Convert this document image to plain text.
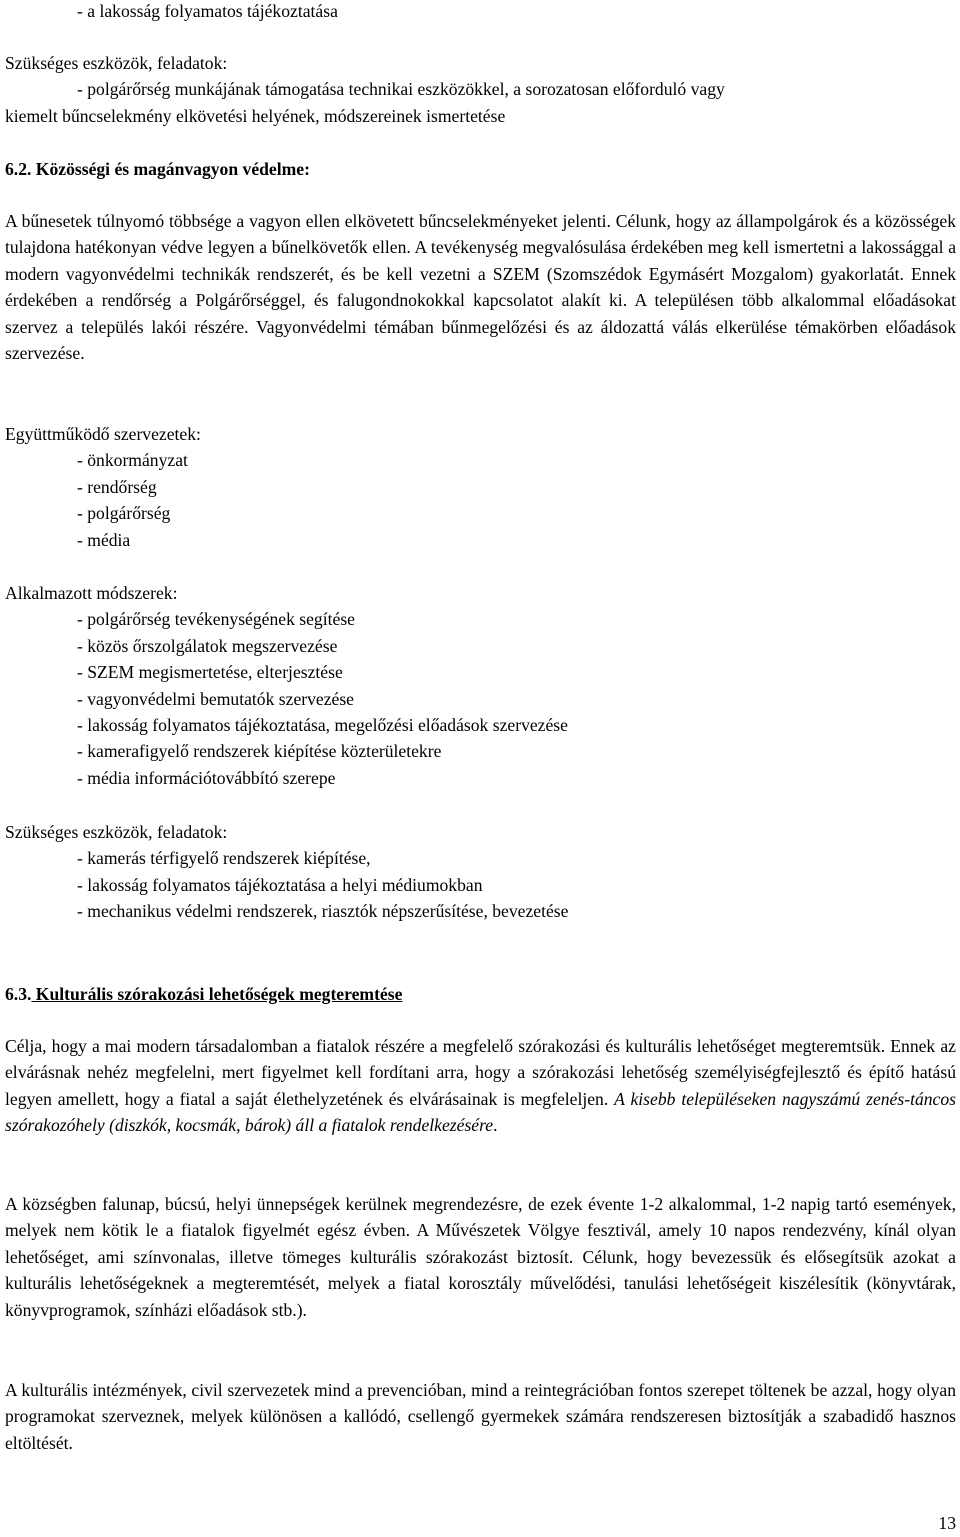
- a lakosság folyamatos tájékoztatása
Szükséges eszközök, feladatok:
- polgárőrség munkájának támogatása technikai eszközökkel, a sorozatosan előforduló vagy
kiemelt bűncselekmény elkövetési helyének, módszereinek ismertetése
6.2. Közösségi és magánvagyon védelme:

A bűnesetek túlnyomó többsége a vagyon ellen elkövetett bűncselekményeket jelenti. Célunk, hogy az állampolgárok és a közösségek tulajdona hatékonyan védve legyen a bűnelkövetők ellen. A tevékenység megvalósulása érdekében meg kell ismertetni a lakossággal a modern vagyonvédelmi technikák rendszerét, és be kell vezetni a SZEM (Szomszédok Egymásért Mozgalom) gyakorlatát. Ennek érdekében a rendőrség a Polgárőrséggel, és falugondnokokkal kapcsolatot alakít ki. A településen több alkalommal előadásokat szervez a település lakói részére. Vagyonvédelmi témában bűnmegelőzési és az áldozattá válás elkerülése témakörben előadások szervezése.

Együttműködő szervezetek:
- önkormányzat
- rendőrség
- polgárőrség
- média
Alkalmazott módszerek:
- polgárőrség tevékenységének segítése
- közös őrszolgálatok megszervezése
- SZEM megismertetése, elterjesztése
- vagyonvédelmi bemutatók szervezése
- lakosság folyamatos tájékoztatása, megelőzési előadások szervezése
- kamerafigyelő rendszerek kiépítése közterületekre
- média információtovábbító szerepe
Szükséges eszközök, feladatok:
- kamerás térfigyelő rendszerek kiépítése,
- lakosság folyamatos tájékoztatása a helyi médiumokban
- mechanikus védelmi rendszerek, riasztók népszerűsítése, bevezetése
6.3. Kulturális szórakozási lehetőségek megteremtése

Célja, hogy a mai modern társadalomban a fiatalok részére a megfelelő szórakozási és kulturális lehetőséget megteremtsük. Ennek az elvárásnak nehéz megfelelni, mert figyelmet kell fordítani arra, hogy a szórakozási lehetőség személyiségfejlesztő és építő hatású legyen amellett, hogy a fiatal a saját élethelyzetének és elvárásainak is megfeleljen. A kisebb településeken nagyszámú zenés-táncos szórakozóhely (diszkók, kocsmák, bárok) áll a fiatalok rendelkezésére.

A községben falunap, búcsú, helyi ünnepségek kerülnek megrendezésre, de ezek évente 1-2 alkalommal, 1-2 napig tartó események, melyek nem kötik le a fiatalok figyelmét egész évben. A Művészetek Völgye fesztivál, amely 10 napos rendezvény, kínál olyan lehetőséget, ami színvonalas, illetve tömeges kulturális szórakozást biztosít. Célunk, hogy bevezessük és elősegítsük azokat a kulturális lehetőségeknek a megteremtését, melyek a fiatal korosztály művelődési, tanulási lehetőségeit kiszélesítik (könyvtárak, könyvprogramok, színházi előadások stb.).

A kulturális intézmények, civil szervezetek mind a prevencióban, mind a reintegrációban fontos szerepet töltenek be azzal, hogy olyan programokat szerveznek, melyek különösen a kallódó, csellengő gyermekek számára rendszeresen biztosítják a szabadidő hasznos eltöltését.

13
